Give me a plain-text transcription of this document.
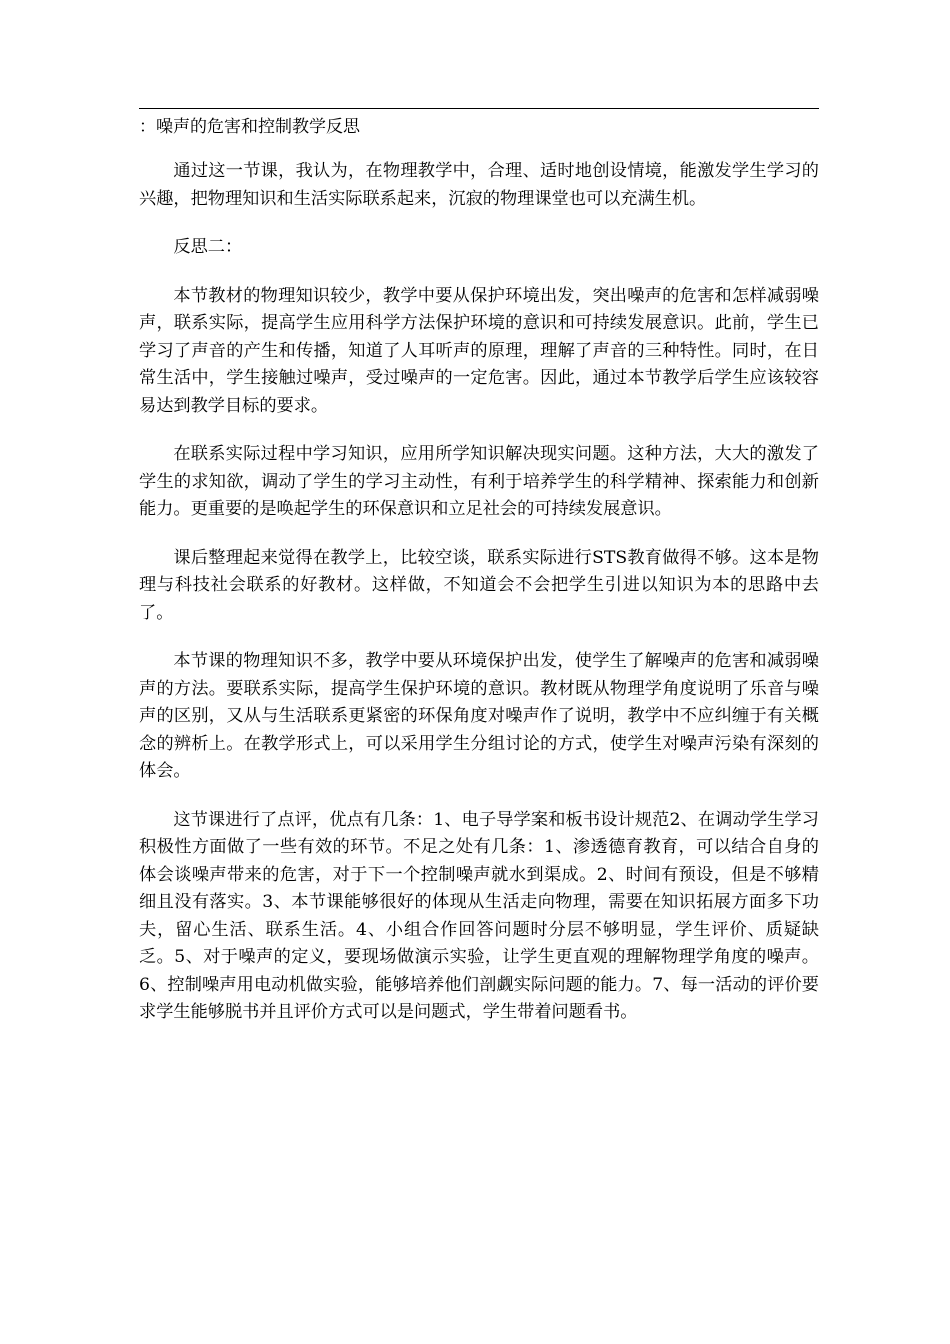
：噪声的危害和控制教学反思

通过这一节课，我认为，在物理教学中，合理、适时地创设情境，能激发学生学习的兴趣，把物理知识和生活实际联系起来，沉寂的物理课堂也可以充满生机。

反思二：

本节教材的物理知识较少，教学中要从保护环境出发，突出噪声的危害和怎样减弱噪声，联系实际，提高学生应用科学方法保护环境的意识和可持续发展意识。此前，学生已学习了声音的产生和传播，知道了人耳听声的原理，理解了声音的三种特性。同时，在日常生活中，学生接触过噪声，受过噪声的一定危害。因此，通过本节教学后学生应该较容易达到教学目标的要求。

在联系实际过程中学习知识，应用所学知识解决现实问题。这种方法，大大的激发了学生的求知欲，调动了学生的学习主动性，有利于培养学生的科学精神、探索能力和创新能力。更重要的是唤起学生的环保意识和立足社会的可持续发展意识。

课后整理起来觉得在教学上，比较空谈，联系实际进行STS教育做得不够。这本是物理与科技社会联系的好教材。这样做，不知道会不会把学生引进以知识为本的思路中去了。

本节课的物理知识不多，教学中要从环境保护出发，使学生了解噪声的危害和减弱噪声的方法。要联系实际，提高学生保护环境的意识。教材既从物理学角度说明了乐音与噪声的区别，又从与生活联系更紧密的环保角度对噪声作了说明，教学中不应纠缠于有关概念的辨析上。在教学形式上，可以采用学生分组讨论的方式，使学生对噪声污染有深刻的体会。

这节课进行了点评，优点有几条：1、电子导学案和板书设计规范2、在调动学生学习积极性方面做了一些有效的环节。不足之处有几条：1、渗透德育教育，可以结合自身的体会谈噪声带来的危害，对于下一个控制噪声就水到渠成。2、时间有预设，但是不够精细且没有落实。3、本节课能够很好的体现从生活走向物理，需要在知识拓展方面多下功夫，留心生活、联系生活。4、小组合作回答问题时分层不够明显，学生评价、质疑缺乏。5、对于噪声的定义，要现场做演示实验，让学生更直观的理解物理学角度的噪声。6、控制噪声用电动机做实验，能够培养他们剖觑实际问题的能力。7、每一活动的评价要求学生能够脱书并且评价方式可以是问题式，学生带着问题看书。
